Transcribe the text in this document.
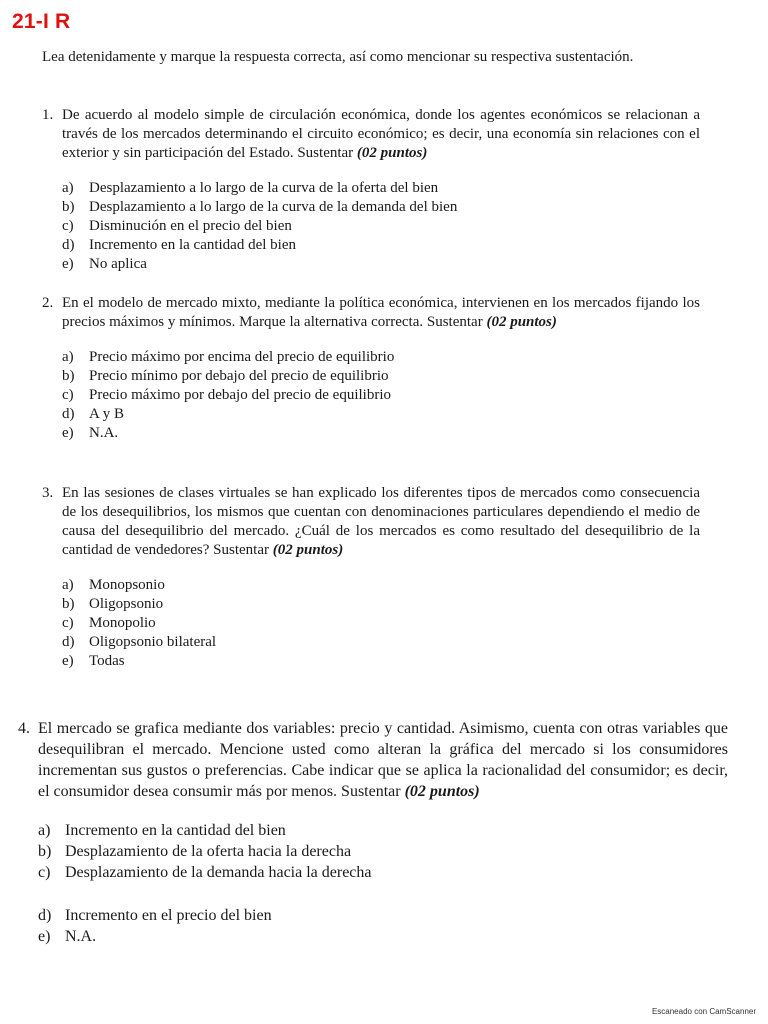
21-I R
Lea detenidamente y marque la respuesta correcta, así como mencionar su respectiva sustentación.
1. De acuerdo al modelo simple de circulación económica, donde los agentes económicos se relacionan a través de los mercados determinando el circuito económico; es decir, una economía sin relaciones con el exterior y sin participación del Estado. Sustentar (02 puntos)
a)	Desplazamiento a lo largo de la curva de la oferta del bien
b) Desplazamiento a lo largo de la curva de la demanda del bien
c)	Disminución en el precio del bien
d) Incremento en la cantidad del bien
e)	No aplica
2. En el modelo de mercado mixto, mediante la política económica, intervienen en los mercados fijando los precios máximos y mínimos. Marque la alternativa correcta. Sustentar (02 puntos)
a)	Precio máximo por encima del precio de equilibrio
b) Precio mínimo por debajo del precio de equilibrio
c)	Precio máximo por debajo del precio de equilibrio
d) A y B
e)	N.A.
3. En las sesiones de clases virtuales se han explicado los diferentes tipos de mercados como consecuencia de los desequilibrios, los mismos que cuentan con denominaciones particulares dependiendo el medio de causa del desequilibrio del mercado. ¿Cuál de los mercados es como resultado del desequilibrio de la cantidad de vendedores? Sustentar (02 puntos)
a)	Monopsonio
b) Oligopsonio
c)	Monopolio
d) Oligopsonio bilateral
e)	Todas
4. El mercado se grafica mediante dos variables: precio y cantidad. Asimismo, cuenta con otras variables que desequilibran el mercado. Mencione usted como alteran la gráfica del mercado si los consumidores incrementan sus gustos o preferencias. Cabe indicar que se aplica la racionalidad del consumidor; es decir, el consumidor desea consumir más por menos. Sustentar (02 puntos)
a) Incremento en la cantidad del bien
b) Desplazamiento de la oferta hacia la derecha
c) Desplazamiento de la demanda hacia la derecha
d) Incremento en el precio del bien
e) N.A.
Escaneado con CamScanner
